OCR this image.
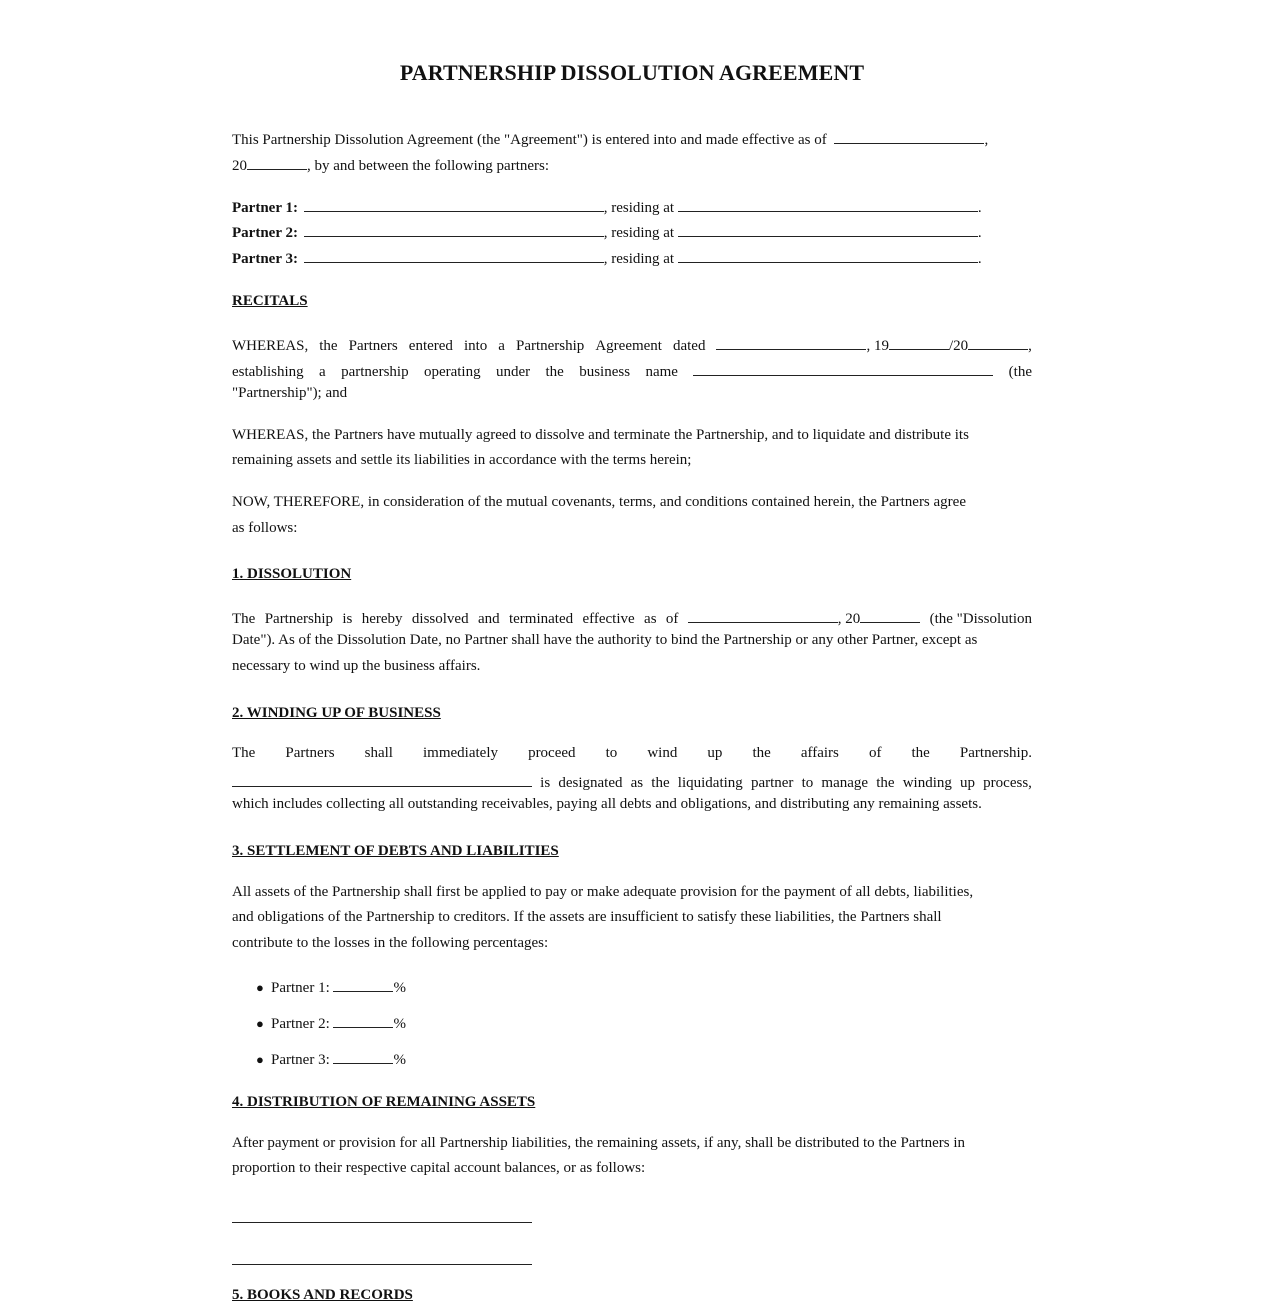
PARTNERSHIP DISSOLUTION AGREEMENT
This Partnership Dissolution Agreement (the "Agreement") is entered into and made effective as of	,
20	, by and between the following partners:
Partner 1:	, residing at	.
Partner 2:	, residing at	.
Partner 3:	, residing at	.
RECITALS
WHEREAS, the Partners entered into a Partnership Agreement dated	, 19	/20	,
establishing a partnership operating under the business name	(the
"Partnership"); and
WHEREAS, the Partners have mutually agreed to dissolve and terminate the Partnership, and to liquidate and distribute its
remaining assets and settle its liabilities in accordance with the terms herein;
NOW, THEREFORE, in consideration of the mutual covenants, terms, and conditions contained herein, the Partners agree
as follows:
1. DISSOLUTION
The Partnership is hereby dissolved and terminated effective as of	, 20	(the "Dissolution
Date"). As of the Dissolution Date, no Partner shall have the authority to bind the Partnership or any other Partner, except as
necessary to wind up the business affairs.
2. WINDING UP OF BUSINESS
The Partners shall immediately proceed to wind up the affairs of the Partnership.
is designated as the liquidating partner to manage the winding up process,
which includes collecting all outstanding receivables, paying all debts and obligations, and distributing any remaining assets.
3. SETTLEMENT OF DEBTS AND LIABILITIES
All assets of the Partnership shall first be applied to pay or make adequate provision for the payment of all debts, liabilities,
and obligations of the Partnership to creditors. If the assets are insufficient to satisfy these liabilities, the Partners shall
contribute to the losses in the following percentages:
● Partner 1:	%
● Partner 2:	%
● Partner 3:	%
4. DISTRIBUTION OF REMAINING ASSETS
After payment or provision for all Partnership liabilities, the remaining assets, if any, shall be distributed to the Partners in
proportion to their respective capital account balances, or as follows:
5. BOOKS AND RECORDS
